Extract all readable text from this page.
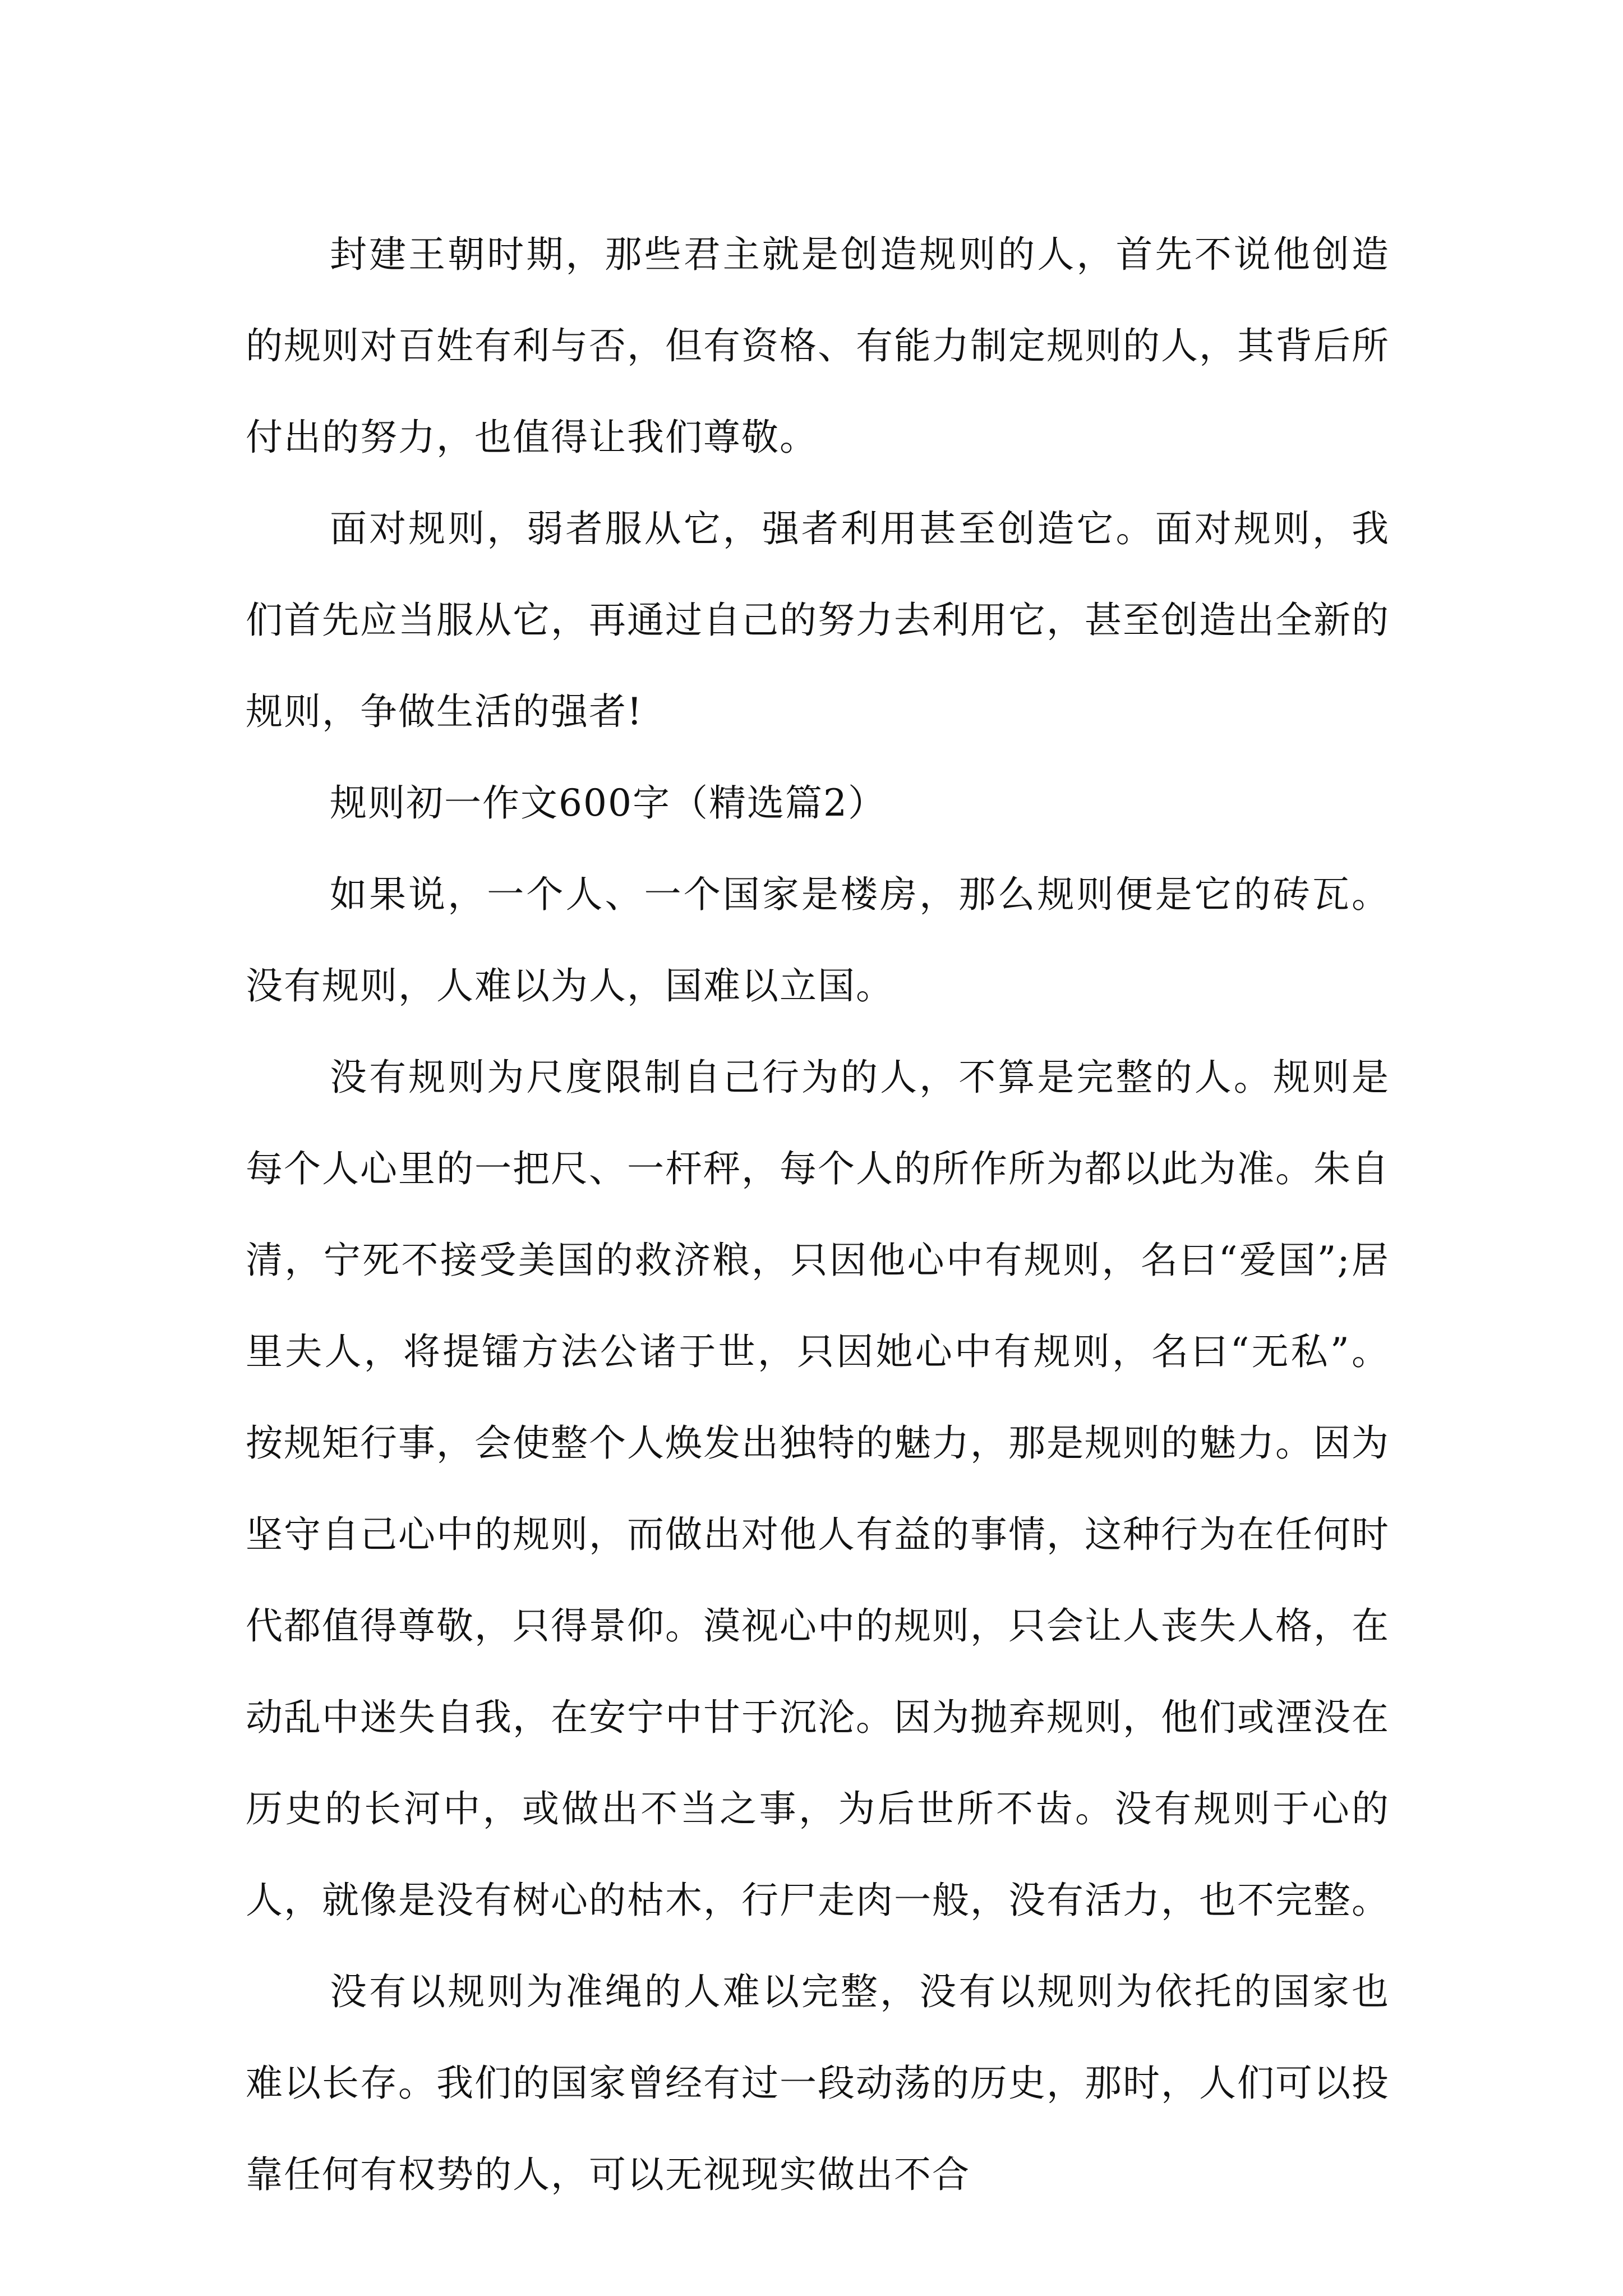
封建王朝时期，那些君主就是创造规则的人，首先不说他创造的规则对百姓有利与否，但有资格、有能力制定规则的人，其背后所付出的努力，也值得让我们尊敬。

面对规则，弱者服从它，强者利用甚至创造它。面对规则，我们首先应当服从它，再通过自己的努力去利用它，甚至创造出全新的规则，争做生活的强者!

规则初一作文600字（精选篇2）

如果说，一个人、一个国家是楼房，那么规则便是它的砖瓦。没有规则，人难以为人，国难以立国。

没有规则为尺度限制自己行为的人，不算是完整的人。规则是每个人心里的一把尺、一杆秤，每个人的所作所为都以此为准。朱自清，宁死不接受美国的救济粮，只因他心中有规则，名曰“爱国”;居里夫人，将提镭方法公诸于世，只因她心中有规则，名曰“无私”。按规矩行事，会使整个人焕发出独特的魅力，那是规则的魅力。因为坚守自己心中的规则，而做出对他人有益的事情，这种行为在任何时代都值得尊敬，只得景仰。漠视心中的规则，只会让人丧失人格，在动乱中迷失自我，在安宁中甘于沉沦。因为抛弃规则，他们或湮没在历史的长河中，或做出不当之事，为后世所不齿。没有规则于心的人，就像是没有树心的枯木，行尸走肉一般，没有活力，也不完整。

没有以规则为准绳的人难以完整，没有以规则为依托的国家也难以长存。我们的国家曾经有过一段动荡的历史，那时，人们可以投靠任何有权势的人，可以无视现实做出不合
